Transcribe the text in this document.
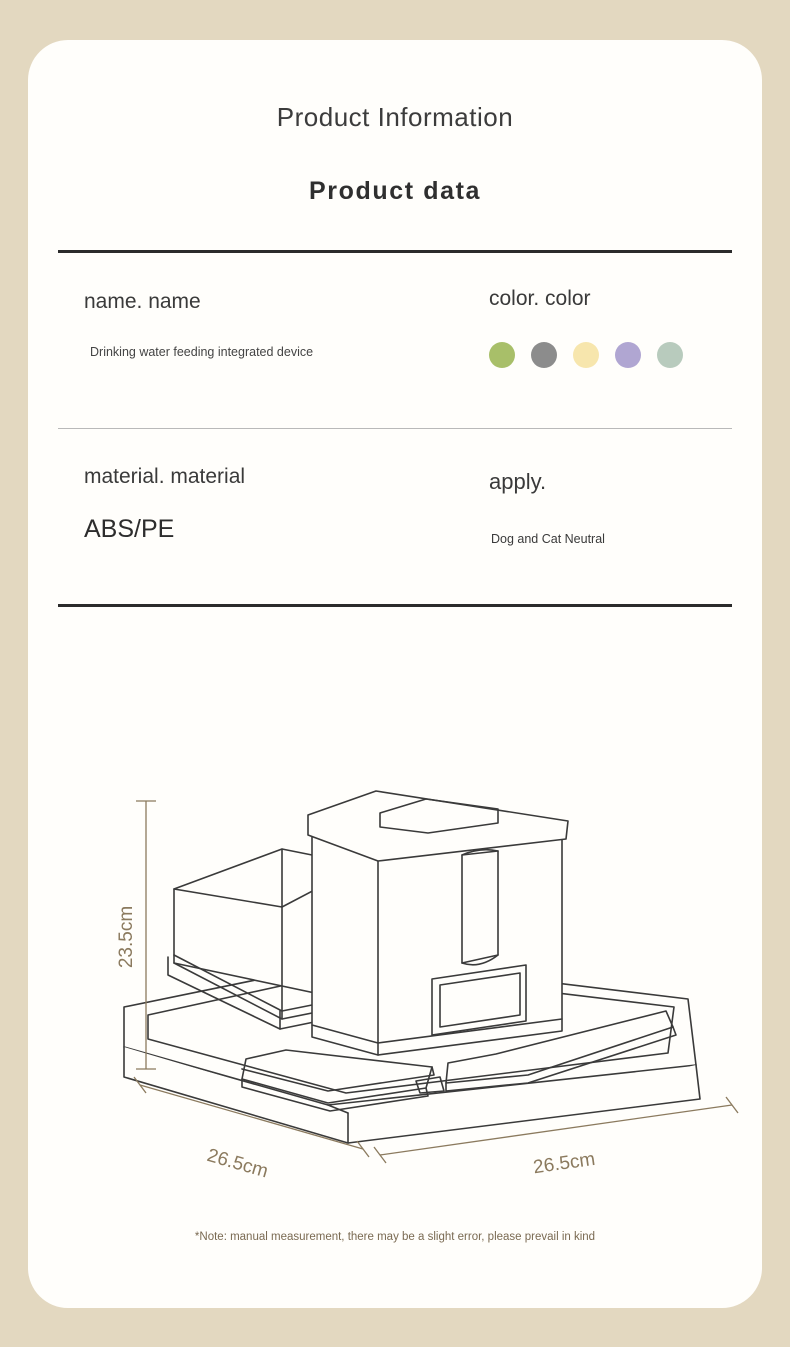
Product Information
Product data
name. name
Drinking water feeding integrated device
color. color
material. material
ABS/PE
apply.
Dog and Cat Neutral
23.5cm
26.5cm	26.5cm
*Note: manual measurement, there may be a slight error, please prevail in kind
